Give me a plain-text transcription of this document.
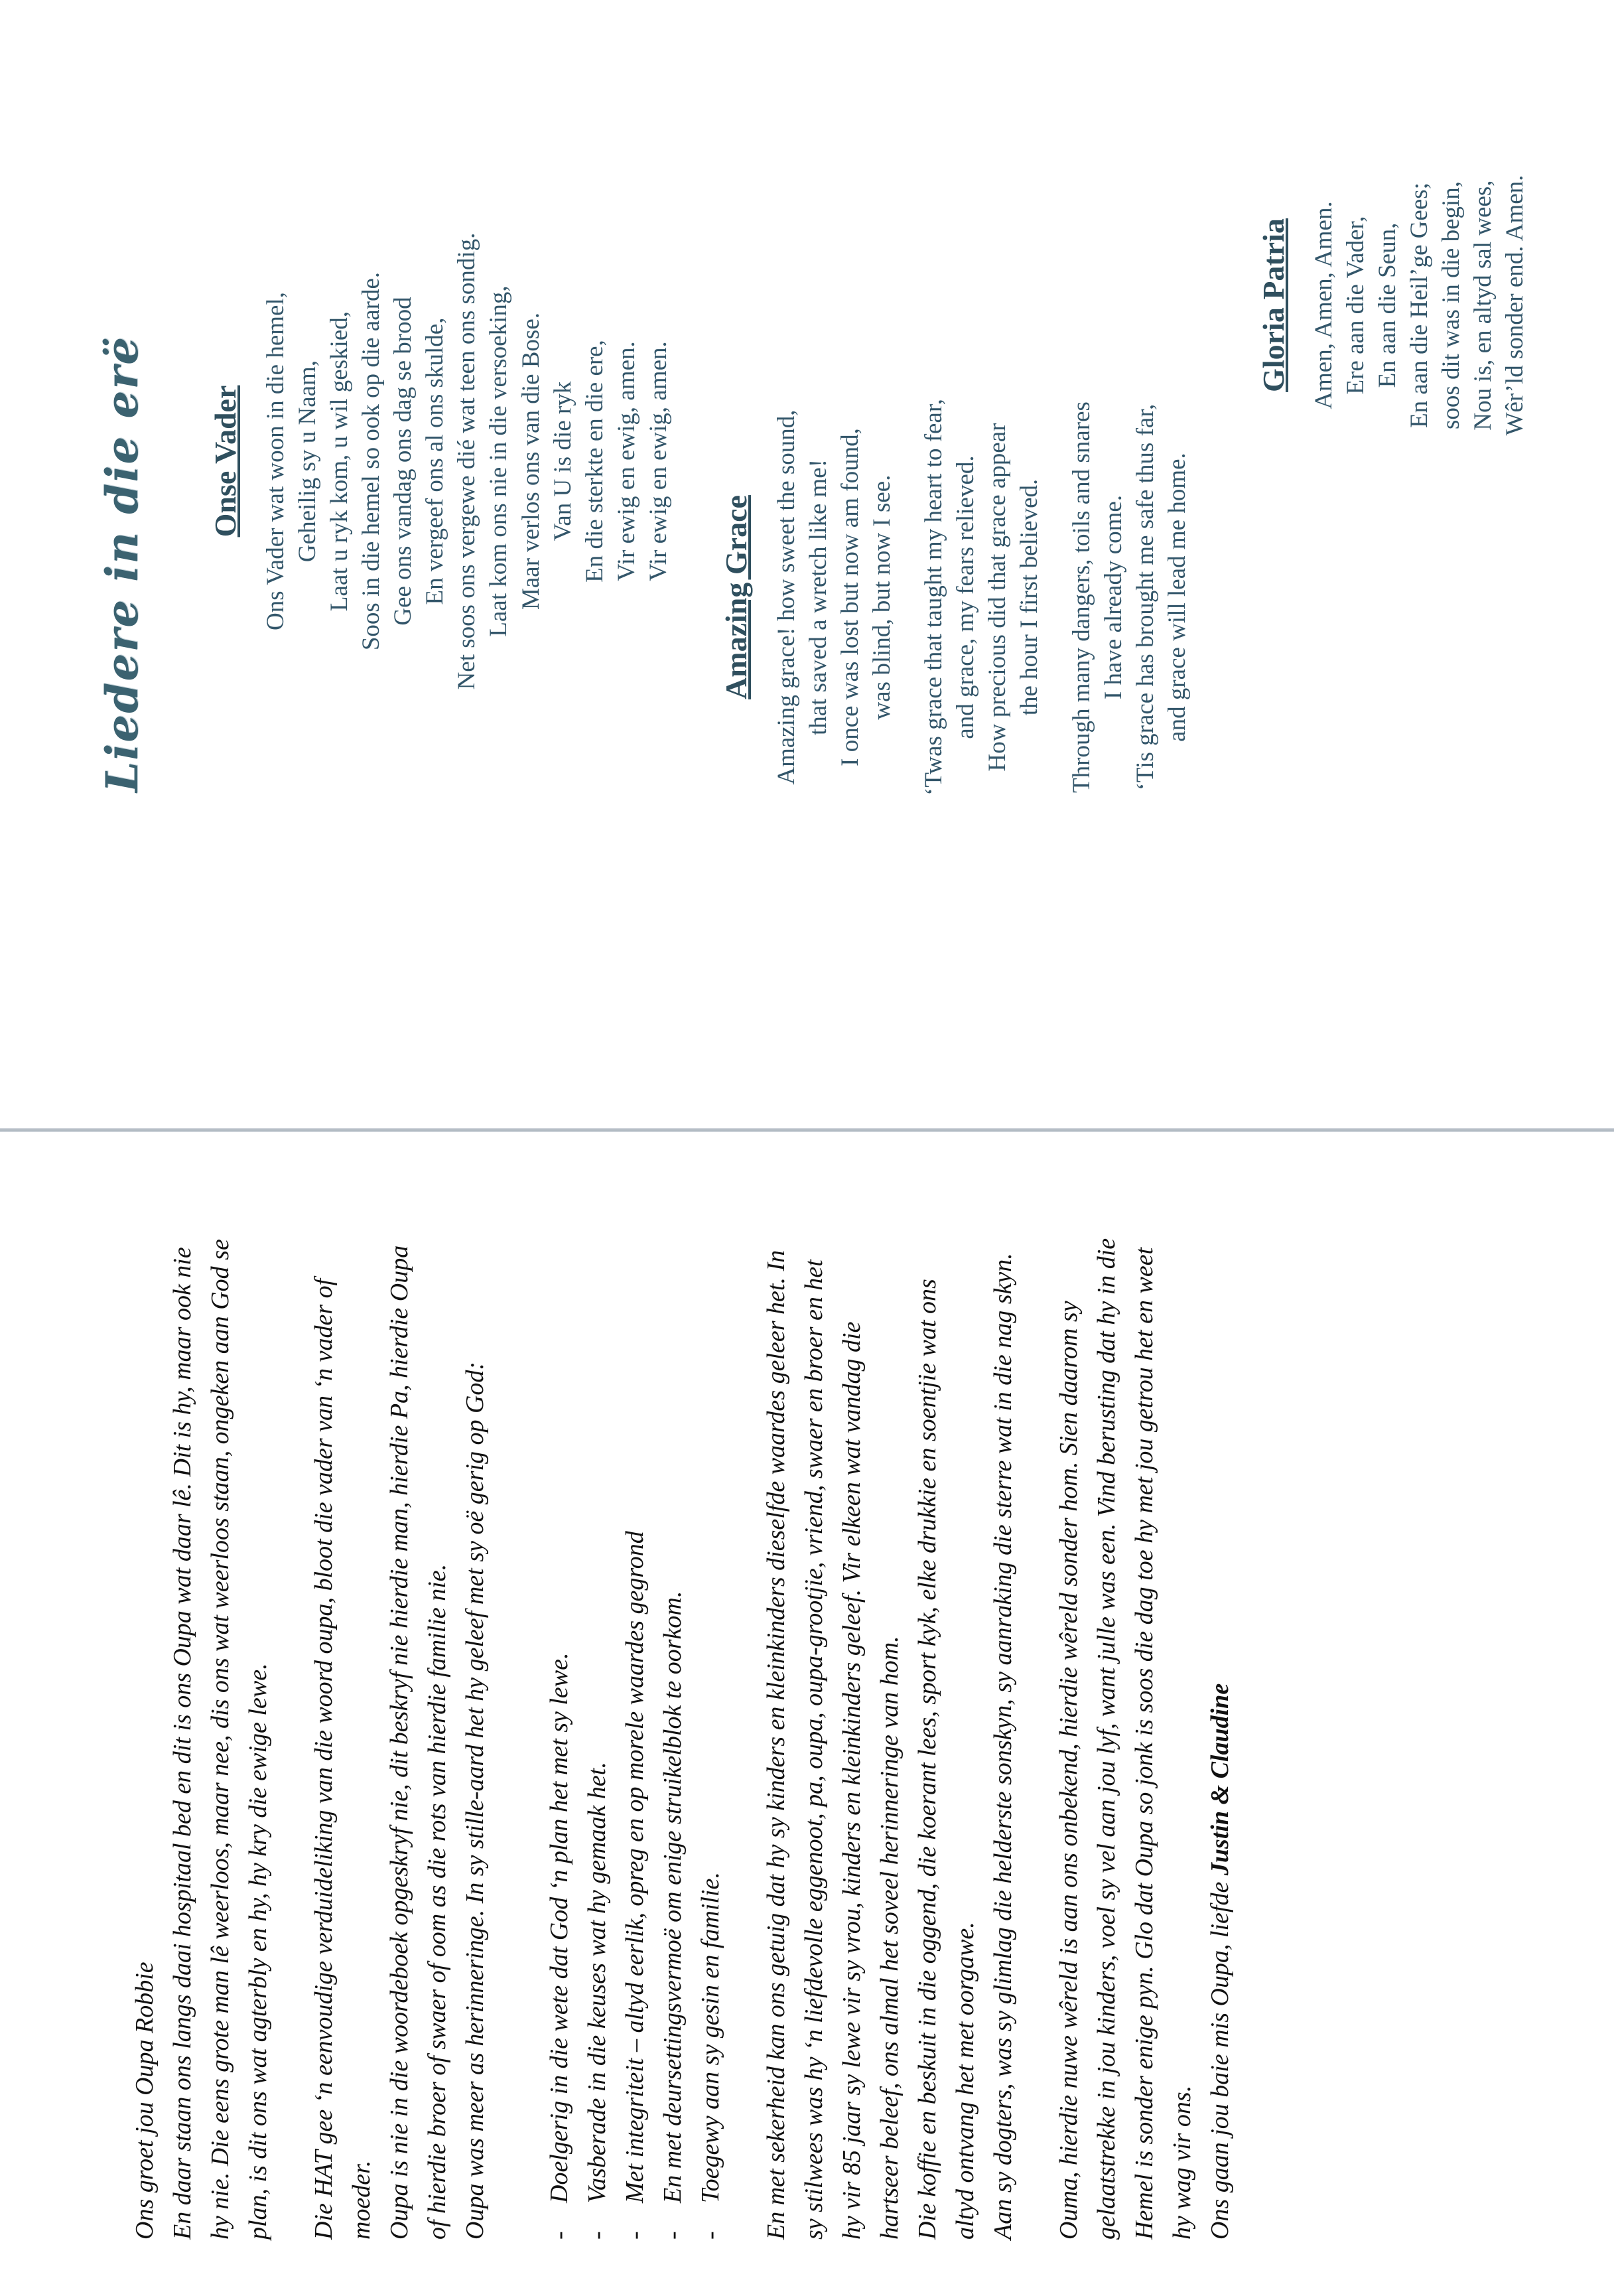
Ons groet jou Oupa Robbie En daar staan ons langs daai hospitaal bed en dit is ons Oupa wat daar lê. Dit is hy, maar ook nie hy nie. Die eens grote man lê weerloos, maar nee, dis ons wat weerloos staan, ongeken aan God se plan, is dit ons wat agterbly en hy, hy kry die ewige lewe. Die HAT gee ‘n eenvoudige verduideliking van die woord oupa, bloot die vader van ‘n vader of moeder. Oupa is nie in die woordeboek opgeskryf nie, dit beskryf nie hierdie man, hierdie Pa, hierdie Oupa of hierdie broer of swaer of oom as die rots van hierdie familie nie. Oupa was meer as herinneringe. In sy stille-aard het hy geleef met sy oë gerig op God: - Doelgerig in die wete dat God ‘n plan het met sy lewe. - Vasberade in die keuses wat hy gemaak het. - Met integriteit – altyd eerlik, opreg en op morele waardes gegrond - En met deursettingsvermoë om enige struikelblok te oorkom. - Toegewy aan sy gesin en familie. En met sekerheid kan ons getuig dat hy sy kinders en kleinkinders dieselfde waardes geleer het. In sy stilwees was hy ‘n liefdevolle eggenoot, pa, oupa, oupa-grootjie, vriend, swaer en broer en het hy vir 85 jaar sy lewe vir sy vrou, kinders en kleinkinders geleef. Vir elkeen wat vandag die hartseer beleef, ons almal het soveel herinneringe van hom. Die koffie en beskuit in die oggend, die koerant lees, sport kyk, elke drukkie en soentjie wat ons altyd ontvang het met oorgawe. Aan sy dogters, was sy glimlag die helderste sonskyn, sy aanraking die sterre wat in die nag skyn. Ouma, hierdie nuwe wêreld is aan ons onbekend, hierdie wêreld sonder hom. Sien daarom sy gelaatstrekke in jou kinders, voel sy vel aan jou lyf, want julle was een. Vind berusting dat hy in die Hemel is sonder enige pyn. Glo dat Oupa so jonk is soos die dag toe hy met jou getrou het en weet hy wag vir ons. Ons gaan jou baie mis Oupa, liefde Justin & Claudine

Liedere in die erë Onse Vader Ons Vader wat woon in die hemel, Geheilig sy u Naam, Laat u ryk kom, u wil geskied, Soos in die hemel so ook op die aarde. Gee ons vandag ons dag se brood En vergeef ons al ons skulde, Net soos ons vergewe dié wat teen ons sondig. Laat kom ons nie in die versoeking, Maar verlos ons van die Bose. Van U is die ryk En die sterkte en die ere, Vir ewig en ewig, amen. Vir ewig en ewig, amen.

Amazing Grace Amazing grace! how sweet the sound, that saved a wretch like me! I once was lost but now am found, was blind, but now I see. ‘Twas grace that taught my heart to fear, and grace, my fears relieved. How precious did that grace appear the hour I first believed. Through many dangers, toils and snares I have already come. ‘Tis grace has brought me safe thus far, and grace will lead me home.

Gloria Patria Amen, Amen, Amen. Ere aan die Vader, En aan die Seun, En aan die Heil’ge Gees; soos dit was in die begin, Nou is, en altyd sal wees, Wêr’ld sonder end. Amen.
